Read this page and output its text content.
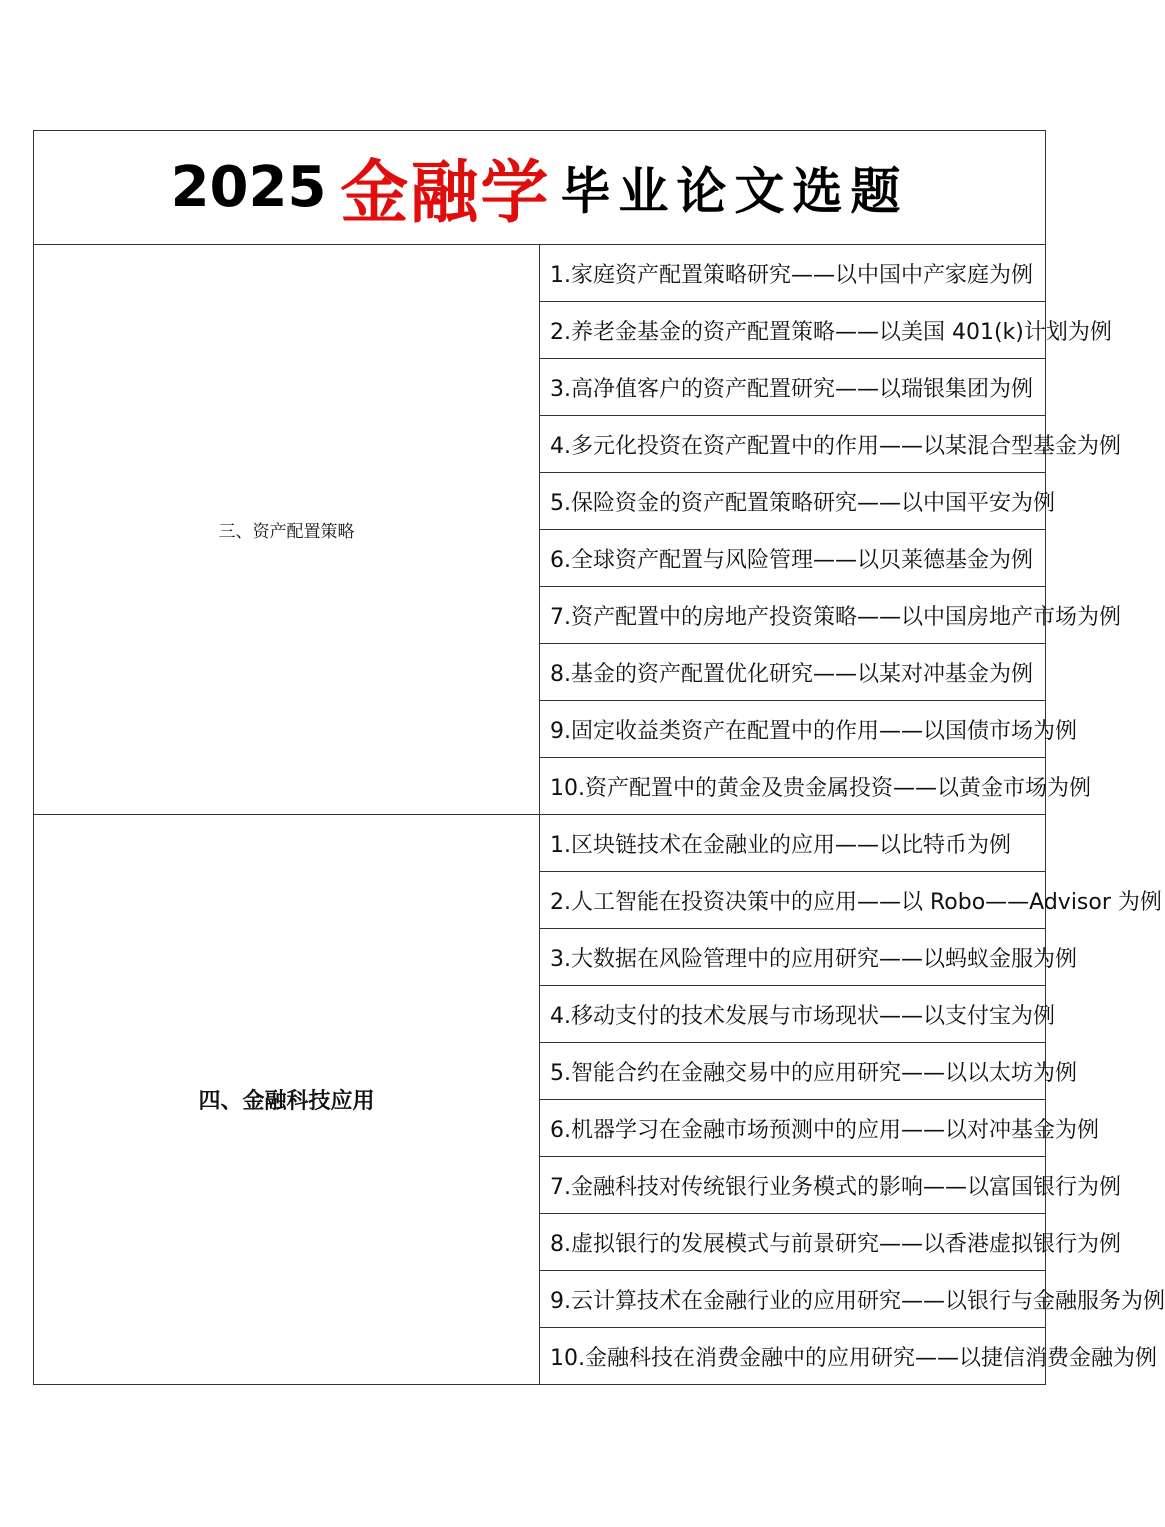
2025 金融学 毕业论文选题	
三、资产配置策略	1.家庭资产配置策略研究——以中国中产家庭为例
	2.养老金基金的资产配置策略——以美国 401(k)计划为例
	3.高净值客户的资产配置研究——以瑞银集团为例
	4.多元化投资在资产配置中的作用——以某混合型基金为例
	5.保险资金的资产配置策略研究——以中国平安为例
	6.全球资产配置与风险管理——以贝莱德基金为例
	7.资产配置中的房地产投资策略——以中国房地产市场为例
	8.基金的资产配置优化研究——以某对冲基金为例
	9.固定收益类资产在配置中的作用——以国债市场为例
	10.资产配置中的黄金及贵金属投资——以黄金市场为例
四、金融科技应用	1.区块链技术在金融业的应用——以比特币为例
	2.人工智能在投资决策中的应用——以 Robo——Advisor 为例
	3.大数据在风险管理中的应用研究——以蚂蚁金服为例
	4.移动支付的技术发展与市场现状——以支付宝为例
	5.智能合约在金融交易中的应用研究——以以太坊为例
	6.机器学习在金融市场预测中的应用——以对冲基金为例
	7.金融科技对传统银行业务模式的影响——以富国银行为例
	8.虚拟银行的发展模式与前景研究——以香港虚拟银行为例
	9.云计算技术在金融行业的应用研究——以银行与金融服务为例
	10.金融科技在消费金融中的应用研究——以捷信消费金融为例
